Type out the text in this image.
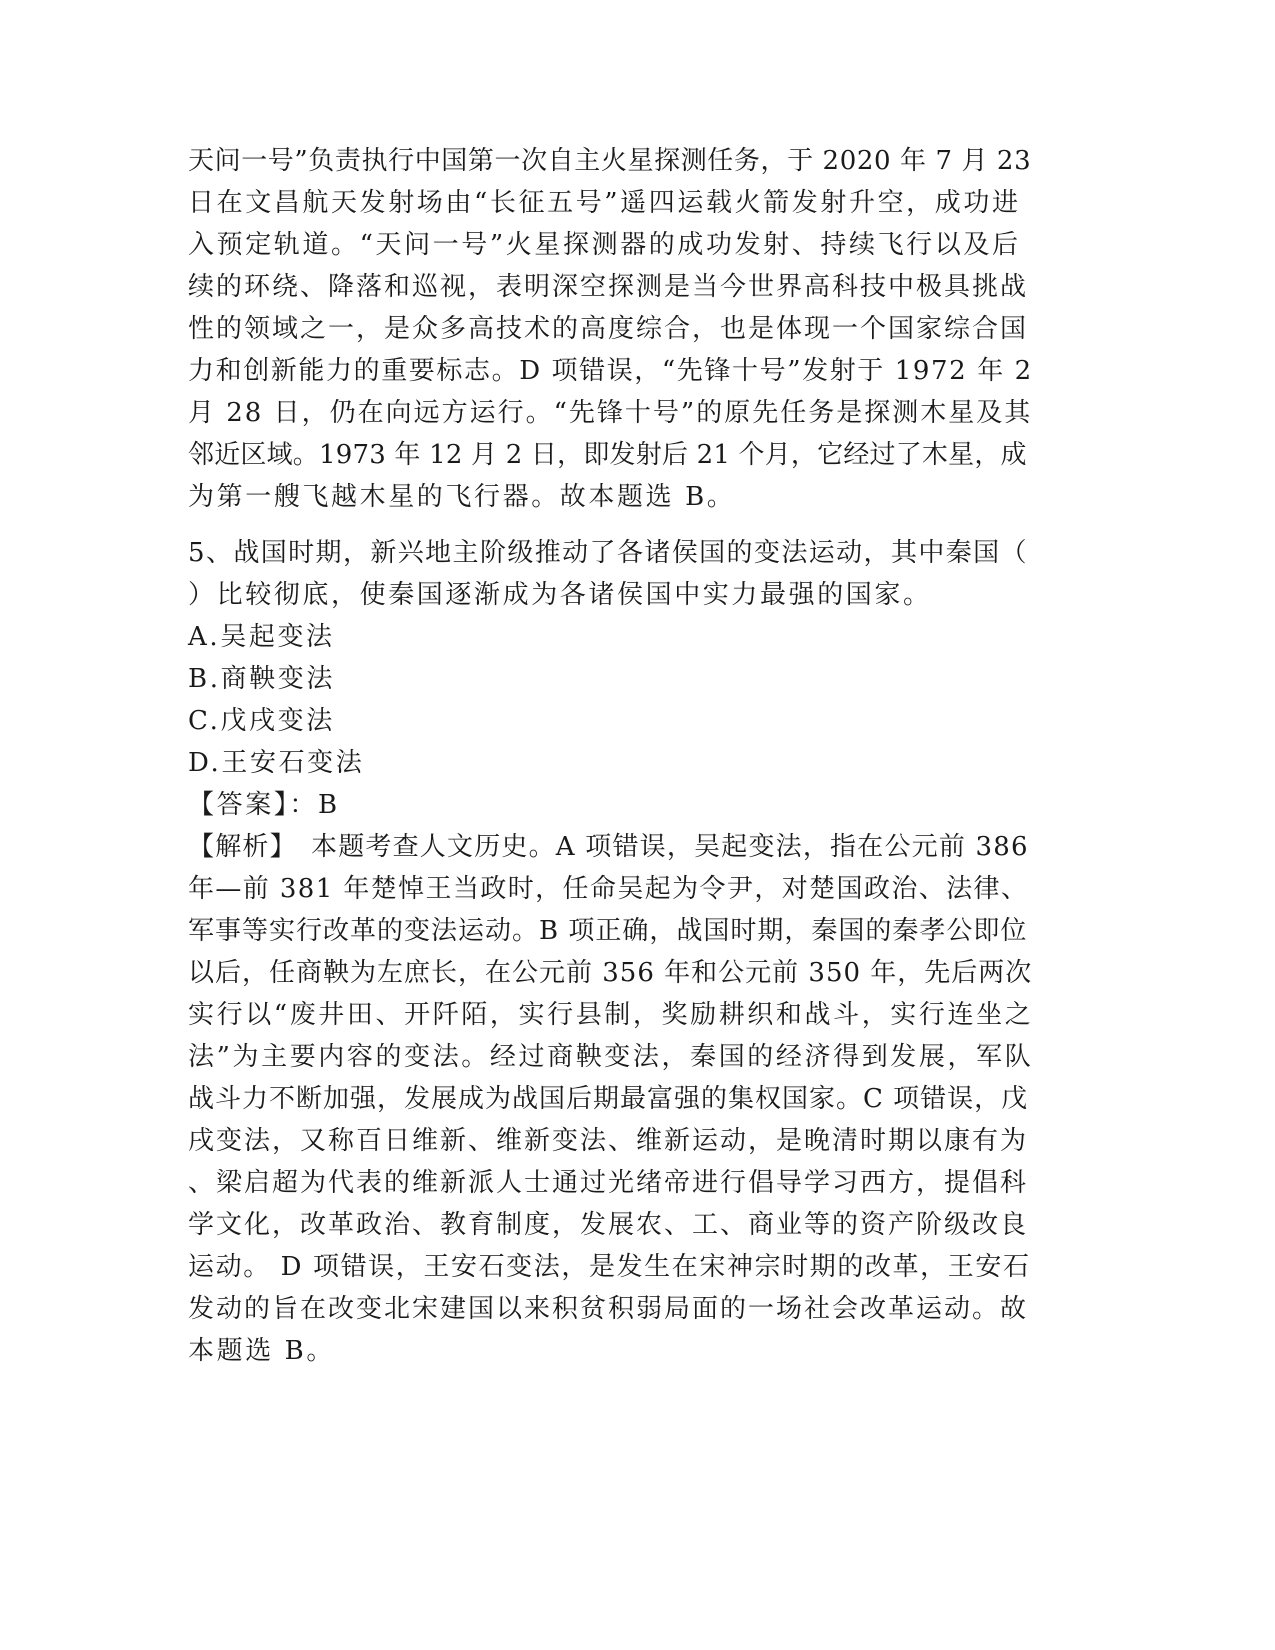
天问一号”负责执行中国第一次自主火星探测任务，于 2020 年 7 月 23
日在文昌航天发射场由“长征五号”遥四运载火箭发射升空，成功进
入预定轨道。“天问一号”火星探测器的成功发射、持续飞行以及后
续的环绕、降落和巡视，表明深空探测是当今世界高科技中极具挑战
性的领域之一，是众多高技术的高度综合，也是体现一个国家综合国
力和创新能力的重要标志。D 项错误，“先锋十号”发射于 1972 年 2
月 28 日，仍在向远方运行。“先锋十号”的原先任务是探测木星及其
邻近区域。1973 年 12 月 2 日，即发射后 21 个月，它经过了木星，成
为第一艘飞越木星的飞行器。故本题选 B。
5、战国时期，新兴地主阶级推动了各诸侯国的变法运动，其中秦国（
）比较彻底，使秦国逐渐成为各诸侯国中实力最强的国家。
A.吴起变法
B.商鞅变法
C.戊戌变法
D.王安石变法
【答案】：B
【解析】　本题考查人文历史。A 项错误，吴起变法，指在公元前 386
年—前 381 年楚悼王当政时，任命吴起为令尹，对楚国政治、法律、
军事等实行改革的变法运动。B 项正确，战国时期，秦国的秦孝公即位
以后，任商鞅为左庶长，在公元前 356 年和公元前 350 年，先后两次
实行以“废井田、开阡陌，实行县制，奖励耕织和战斗，实行连坐之
法”为主要内容的变法。经过商鞅变法，秦国的经济得到发展，军队
战斗力不断加强，发展成为战国后期最富强的集权国家。C 项错误，戊
戌变法，又称百日维新、维新变法、维新运动，是晚清时期以康有为
、梁启超为代表的维新派人士通过光绪帝进行倡导学习西方，提倡科
学文化，改革政治、教育制度，发展农、工、商业等的资产阶级改良
运动。 D 项错误，王安石变法，是发生在宋神宗时期的改革，王安石
发动的旨在改变北宋建国以来积贫积弱局面的一场社会改革运动。故
本题选 B。
